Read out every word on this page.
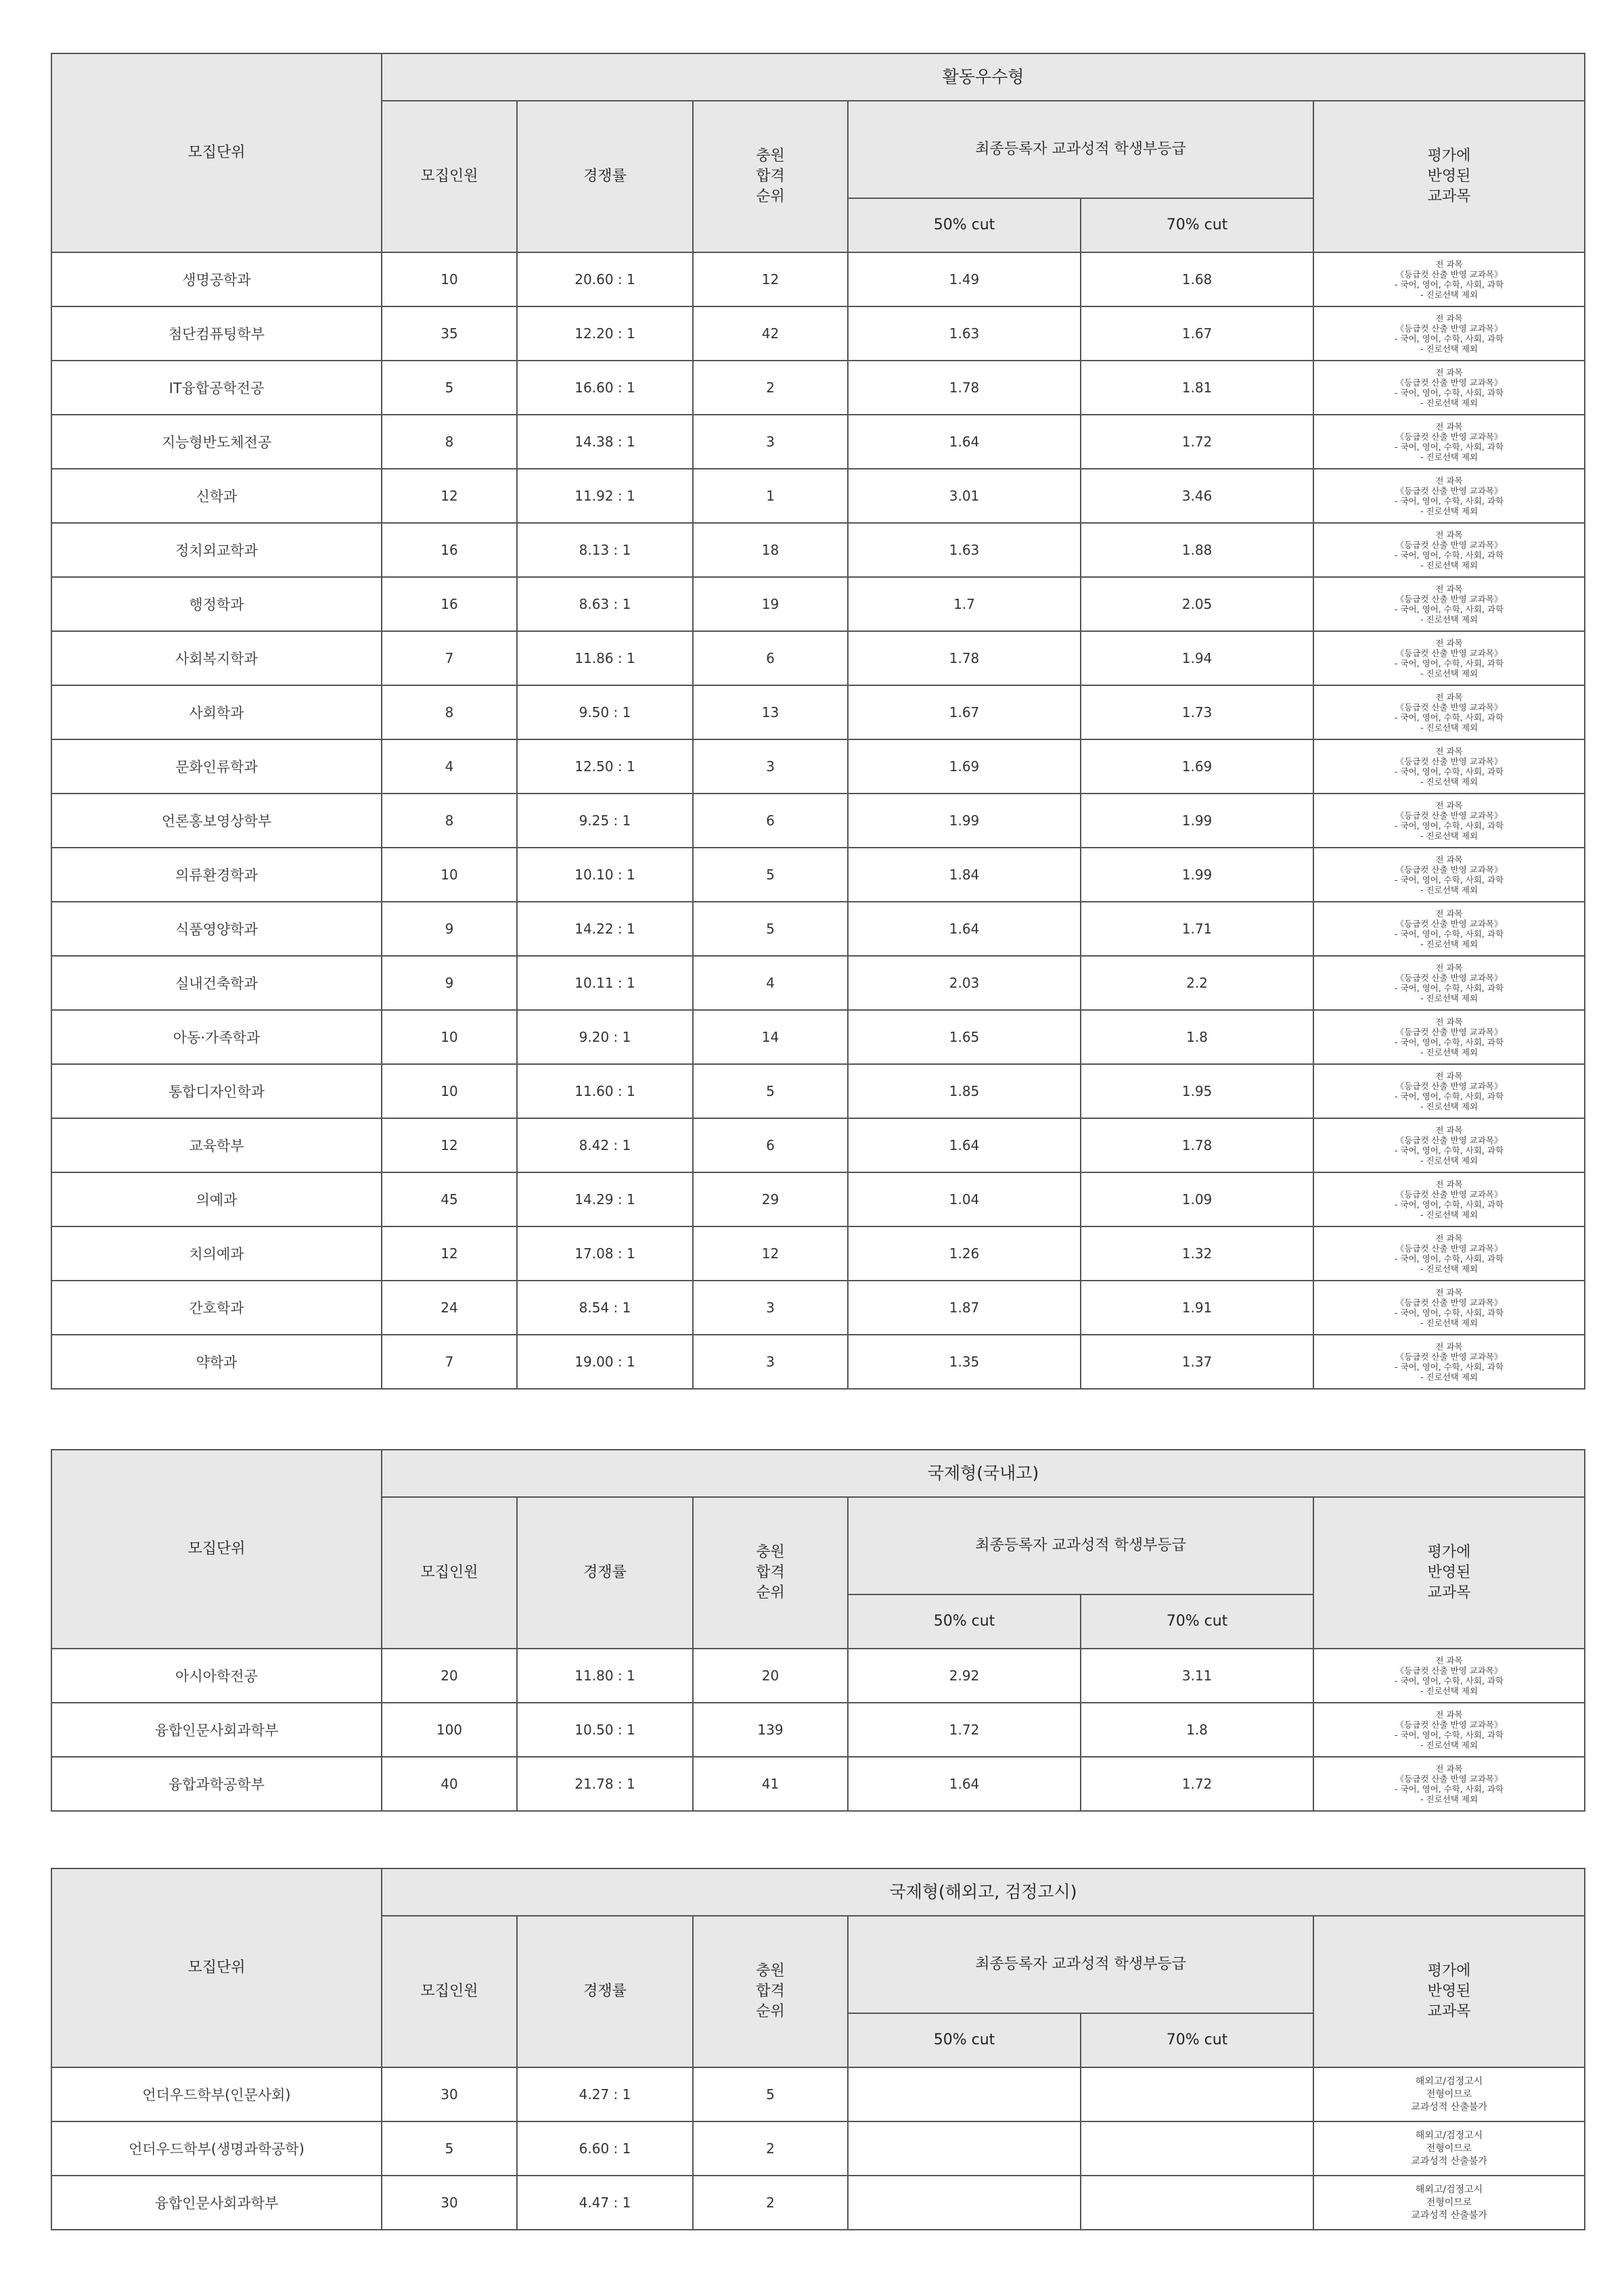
모집단위	활동우수형					
	모집인원	경쟁률	충원
합격
순위	최종등록자 교과성적 학생부등급		평가에
반영된
교과목

				50% cut	70% cut	
생명공학과	10	20.60 : 1	12	1.49	1.68	전 과목
《등급컷 산출 반영 교과목》
- 국어, 영어, 수학, 사회, 과학
- 진로선택 제외

첨단컴퓨팅학부	35	12.20 : 1	42	1.63	1.67	전 과목
《등급컷 산출 반영 교과목》
- 국어, 영어, 수학, 사회, 과학
- 진로선택 제외

IT융합공학전공	5	16.60 : 1	2	1.78	1.81	전 과목
《등급컷 산출 반영 교과목》
- 국어, 영어, 수학, 사회, 과학
- 진로선택 제외

지능형반도체전공	8	14.38 : 1	3	1.64	1.72	전 과목
《등급컷 산출 반영 교과목》
- 국어, 영어, 수학, 사회, 과학
- 진로선택 제외

신학과	12	11.92 : 1	1	3.01	3.46	전 과목
《등급컷 산출 반영 교과목》
- 국어, 영어, 수학, 사회, 과학
- 진로선택 제외

정치외교학과	16	8.13 : 1	18	1.63	1.88	전 과목
《등급컷 산출 반영 교과목》
- 국어, 영어, 수학, 사회, 과학
- 진로선택 제외

행정학과	16	8.63 : 1	19	1.7	2.05	전 과목
《등급컷 산출 반영 교과목》
- 국어, 영어, 수학, 사회, 과학
- 진로선택 제외

사회복지학과	7	11.86 : 1	6	1.78	1.94	전 과목
《등급컷 산출 반영 교과목》
- 국어, 영어, 수학, 사회, 과학
- 진로선택 제외

사회학과	8	9.50 : 1	13	1.67	1.73	전 과목
《등급컷 산출 반영 교과목》
- 국어, 영어, 수학, 사회, 과학
- 진로선택 제외

문화인류학과	4	12.50 : 1	3	1.69	1.69	전 과목
《등급컷 산출 반영 교과목》
- 국어, 영어, 수학, 사회, 과학
- 진로선택 제외

언론홍보영상학부	8	9.25 : 1	6	1.99	1.99	전 과목
《등급컷 산출 반영 교과목》
- 국어, 영어, 수학, 사회, 과학
- 진로선택 제외

의류환경학과	10	10.10 : 1	5	1.84	1.99	전 과목
《등급컷 산출 반영 교과목》
- 국어, 영어, 수학, 사회, 과학
- 진로선택 제외

식품영양학과	9	14.22 : 1	5	1.64	1.71	전 과목
《등급컷 산출 반영 교과목》
- 국어, 영어, 수학, 사회, 과학
- 진로선택 제외

실내건축학과	9	10.11 : 1	4	2.03	2.2	전 과목
《등급컷 산출 반영 교과목》
- 국어, 영어, 수학, 사회, 과학
- 진로선택 제외

아동·가족학과	10	9.20 : 1	14	1.65	1.8	전 과목
《등급컷 산출 반영 교과목》
- 국어, 영어, 수학, 사회, 과학
- 진로선택 제외

통합디자인학과	10	11.60 : 1	5	1.85	1.95	전 과목
《등급컷 산출 반영 교과목》
- 국어, 영어, 수학, 사회, 과학
- 진로선택 제외

교육학부	12	8.42 : 1	6	1.64	1.78	전 과목
《등급컷 산출 반영 교과목》
- 국어, 영어, 수학, 사회, 과학
- 진로선택 제외

의예과	45	14.29 : 1	29	1.04	1.09	전 과목
《등급컷 산출 반영 교과목》
- 국어, 영어, 수학, 사회, 과학
- 진로선택 제외

치의예과	12	17.08 : 1	12	1.26	1.32	전 과목
《등급컷 산출 반영 교과목》
- 국어, 영어, 수학, 사회, 과학
- 진로선택 제외

간호학과	24	8.54 : 1	3	1.87	1.91	전 과목
《등급컷 산출 반영 교과목》
- 국어, 영어, 수학, 사회, 과학
- 진로선택 제외

약학과	7	19.00 : 1	3	1.35	1.37	전 과목
《등급컷 산출 반영 교과목》
- 국어, 영어, 수학, 사회, 과학
- 진로선택 제외
모집단위	국제형(국내고)					
	모집인원	경쟁률	충원
합격
순위	최종등록자 교과성적 학생부등급		평가에
반영된
교과목

				50% cut	70% cut	
아시아학전공	20	11.80 : 1	20	2.92	3.11	전 과목
《등급컷 산출 반영 교과목》
- 국어, 영어, 수학, 사회, 과학
- 진로선택 제외

융합인문사회과학부	100	10.50 : 1	139	1.72	1.8	전 과목
《등급컷 산출 반영 교과목》
- 국어, 영어, 수학, 사회, 과학
- 진로선택 제외

융합과학공학부	40	21.78 : 1	41	1.64	1.72	전 과목
《등급컷 산출 반영 교과목》
- 국어, 영어, 수학, 사회, 과학
- 진로선택 제외
모집단위	국제형(해외고, 검정고시)					
	모집인원	경쟁률	충원
합격
순위	최종등록자 교과성적 학생부등급		평가에
반영된
교과목

				50% cut	70% cut	
언더우드학부(인문사회)	30	4.27 : 1	5			해외고/검정고시
전형이므로
교과성적 산출불가

언더우드학부(생명과학공학)	5	6.60 : 1	2			해외고/검정고시
전형이므로
교과성적 산출불가

융합인문사회과학부	30	4.47 : 1	2			해외고/검정고시
전형이므로
교과성적 산출불가
